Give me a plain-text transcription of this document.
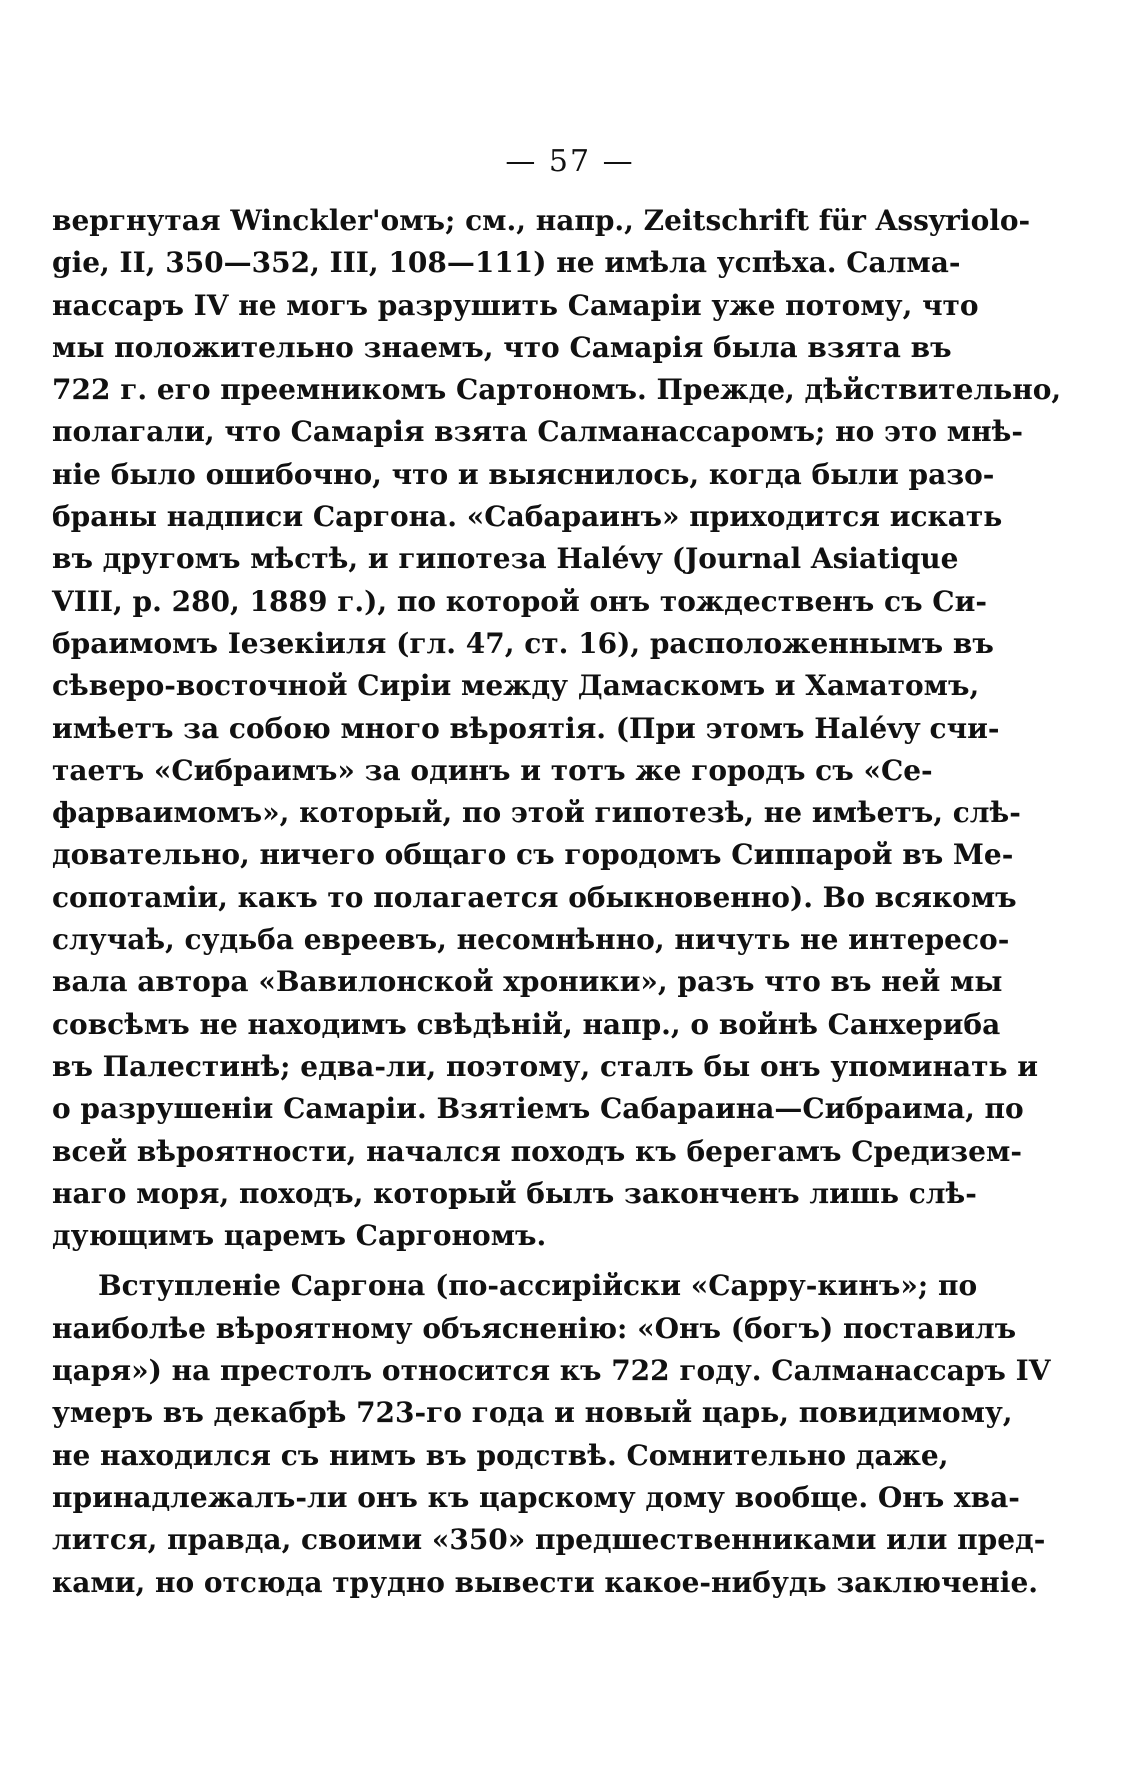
— 57 —
вергнутая Winckler'омъ; см., напр., Zeitschrift für Assyriolo-
gie, II, 350—352, III, 108—111) не имѣла успѣха. Салма-
нассаръ IV не могъ разрушить Самаріи уже потому, что
мы положительно знаемъ, что Самарія была взята въ
722 г. его преемникомъ Сартономъ. Прежде, дѣйствительно,
полагали, что Самарія взята Салманассаромъ; но это мнѣ-
ніе было ошибочно, что и выяснилось, когда были разо-
браны надписи Саргона. «Сабараинъ» приходится искать
въ другомъ мѣстѣ, и гипотеза Halévy (Journal Asiatique
VIII, p. 280, 1889 г.), по которой онъ тождественъ съ Си-
браимомъ Іезекіиля (гл. 47, ст. 16), расположеннымъ въ
сѣверо-восточной Сиріи между Дамаскомъ и Хаматомъ,
имѣетъ за собою много вѣроятія. (При этомъ Halévy счи-
таетъ «Сибраимъ» за одинъ и тотъ же городъ съ «Се-
фарваимомъ», который, по этой гипотезѣ, не имѣетъ, слѣ-
довательно, ничего общаго съ городомъ Сиппарой въ Ме-
сопотаміи, какъ то полагается обыкновенно). Во всякомъ
случаѣ, судьба евреевъ, несомнѣнно, ничуть не интересо-
вала автора «Вавилонской хроники», разъ что въ ней мы
совсѣмъ не находимъ свѣдѣній, напр., о войнѣ Санхериба
въ Палестинѣ; едва-ли, поэтому, сталъ бы онъ упоминать и
о разрушеніи Самаріи. Взятіемъ Сабараина—Сибраима, по
всей вѣроятности, начался походъ къ берегамъ Средизем-
наго моря, походъ, который былъ законченъ лишь слѣ-
дующимъ царемъ Саргономъ.
Вступленіе Саргона (по-ассирійски «Сарру-кинъ»; по
наиболѣе вѣроятному объясненію: «Онъ (богъ) поставилъ
царя») на престолъ относится къ 722 году. Салманассаръ IV
умеръ въ декабрѣ 723-го года и новый царь, повидимому,
не находился съ нимъ въ родствѣ. Сомнительно даже,
принадлежалъ-ли онъ къ царскому дому вообще. Онъ хва-
лится, правда, своими «350» предшественниками или пред-
ками, но отсюда трудно вывести какое-нибудь заключеніе.
